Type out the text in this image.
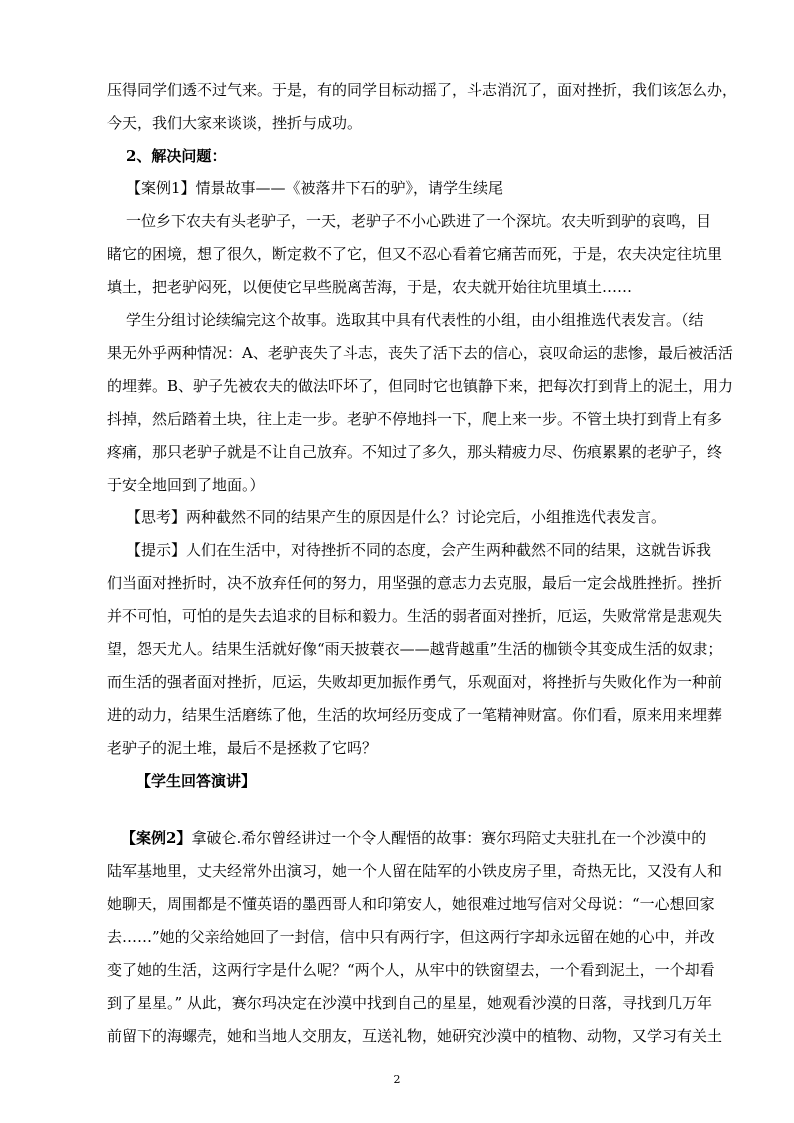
压得同学们透不过气来。于是，有的同学目标动摇了，斗志消沉了，面对挫折，我们该怎么办，
今天，我们大家来谈谈，挫折与成功。
2、解决问题：
【案例1】情景故事——《被落井下石的驴》，请学生续尾
一位乡下农夫有头老驴子，一天，老驴子不小心跌进了一个深坑。农夫听到驴的哀鸣，目
睹它的困境，想了很久，断定救不了它，但又不忍心看着它痛苦而死，于是，农夫决定往坑里
填土，把老驴闷死，以便使它早些脱离苦海，于是，农夫就开始往坑里填土……
学生分组讨论续编完这个故事。选取其中具有代表性的小组，由小组推选代表发言。（结
果无外乎两种情况：A、老驴丧失了斗志，丧失了活下去的信心，哀叹命运的悲惨，最后被活活
的埋葬。B、驴子先被农夫的做法吓坏了，但同时它也镇静下来，把每次打到背上的泥土，用力
抖掉，然后踏着土块，往上走一步。老驴不停地抖一下，爬上来一步。不管土块打到背上有多
疼痛，那只老驴子就是不让自己放弃。不知过了多久，那头精疲力尽、伤痕累累的老驴子，终
于安全地回到了地面。）
【思考】两种截然不同的结果产生的原因是什么？讨论完后，小组推选代表发言。
【提示】人们在生活中，对待挫折不同的态度，会产生两种截然不同的结果，这就告诉我
们当面对挫折时，决不放弃任何的努力，用坚强的意志力去克服，最后一定会战胜挫折。挫折
并不可怕，可怕的是失去追求的目标和毅力。生活的弱者面对挫折，厄运，失败常常是悲观失
望，怨天尤人。结果生活就好像“雨天披蓑衣——越背越重”生活的枷锁令其变成生活的奴隶；
而生活的强者面对挫折，厄运，失败却更加振作勇气，乐观面对，将挫折与失败化作为一种前
进的动力，结果生活磨练了他，生活的坎坷经历变成了一笔精神财富。你们看，原来用来埋葬
老驴子的泥土堆，最后不是拯救了它吗？
【学生回答演讲】
【案例2】拿破仑.希尔曾经讲过一个令人醒悟的故事：赛尔玛陪丈夫驻扎在一个沙漠中的
陆军基地里，丈夫经常外出演习，她一个人留在陆军的小铁皮房子里，奇热无比，又没有人和
她聊天，周围都是不懂英语的墨西哥人和印第安人，她很难过地写信对父母说：“一心想回家
去……”她的父亲给她回了一封信，信中只有两行字，但这两行字却永远留在她的心中，并改
变了她的生活，这两行字是什么呢？“两个人，从牢中的铁窗望去，一个看到泥土，一个却看
到了星星。” 从此，赛尔玛决定在沙漠中找到自己的星星，她观看沙漠的日落，寻找到几万年
前留下的海螺壳，她和当地人交朋友，互送礼物，她研究沙漠中的植物、动物，又学习有关土
2
